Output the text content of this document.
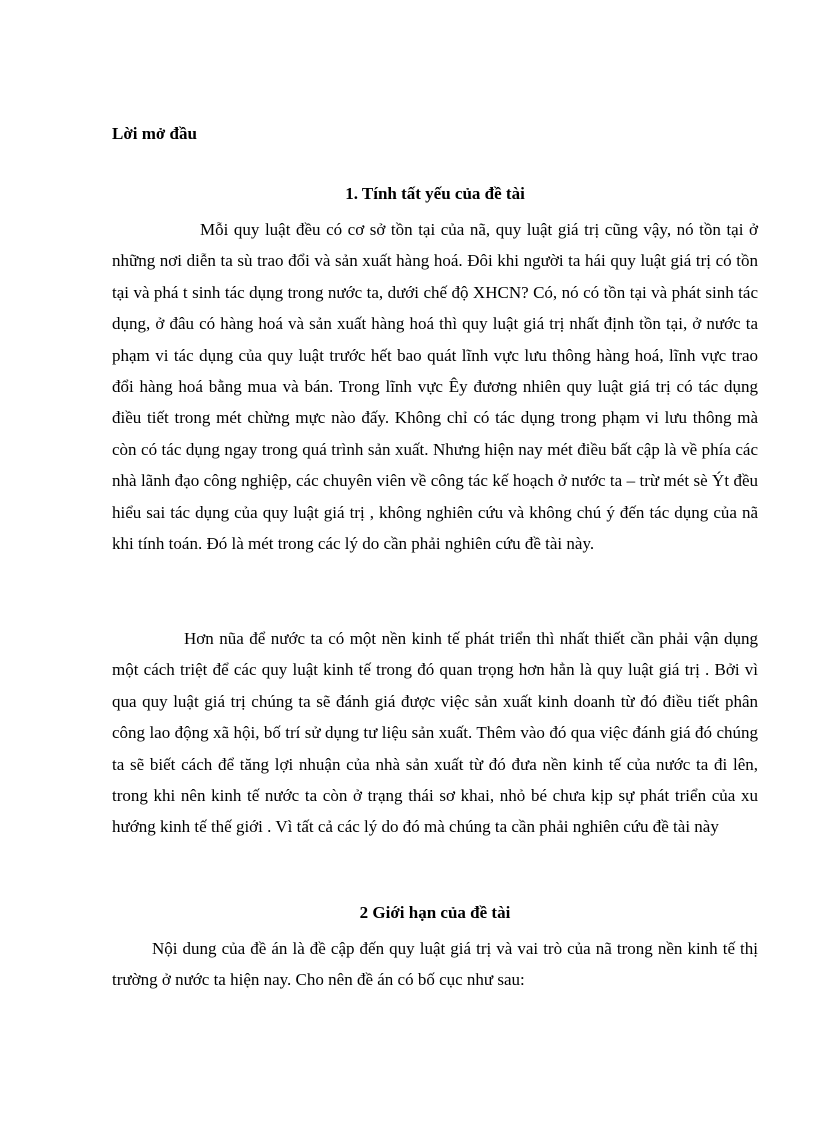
Lời mở đầu
1. Tính tất yếu của đề tài

Mỗi quy luật đều có cơ sở tồn tại của nã, quy luật giá trị cũng vậy, nó tồn tại ở những nơi diễn ta sù trao đổi và sản xuất hàng hoá. Đôi khi người ta hái quy luật giá trị có tồn tại và phá t sinh tác dụng trong nước ta, dưới chế độ XHCN? Có, nó có tồn tại và phát sinh tác dụng, ở đâu có hàng hoá và sản xuất hàng hoá thì quy luật giá trị nhất định tồn tại, ở nước ta phạm vi tác dụng của quy luật trước hết bao quát lĩnh vực lưu thông hàng hoá, lĩnh vực trao đổi hàng hoá bằng mua và bán. Trong lĩnh vực Êy đương nhiên quy luật giá trị có tác dụng điều tiết trong mét chừng mực nào đấy. Không chỉ có tác dụng trong phạm vi lưu thông mà còn có tác dụng ngay trong quá trình sản xuất. Nhưng hiện nay mét điều bất cập là về phía các nhà lãnh đạo công nghiệp, các chuyên viên về công tác kế hoạch ở nước ta – trừ mét sè Ýt đều hiểu sai tác dụng của quy luật giá trị , không nghiên cứu và không chú ý đến tác dụng của nã khi tính toán. Đó là mét trong các lý do cần phải nghiên cứu đề tài này.

Hơn nũa để nước ta có một nền kinh tế phát triển thì nhất thiết cần phải vận dụng một cách triệt để các quy luật kinh tế trong đó quan trọng hơn hẳn là quy luật giá trị . Bởi vì qua quy luật giá trị chúng ta sẽ đánh giá được việc sản xuất kinh doanh từ đó điều tiết phân công lao động xã hội, bố trí sử dụng tư liệu sản xuất. Thêm vào đó qua việc đánh giá đó chúng ta sẽ biết cách để tăng lợi nhuận của nhà sản xuất từ đó đưa nền kinh tế của nước ta đi lên, trong khi nên kinh tế nước ta còn ở trạng thái sơ khai, nhỏ bé chưa kịp sự phát triển của xu hướng kinh tế thế giới . Vì tất cả các lý do đó mà chúng ta cần phải nghiên cứu đề tài này

2 Giới hạn của đề tài

Nội dung của đề án là đề cập đến quy luật giá trị và vai trò của nã trong nền kinh tế thị trường ở nước ta hiện nay. Cho nên đề án có bố cục như sau:
